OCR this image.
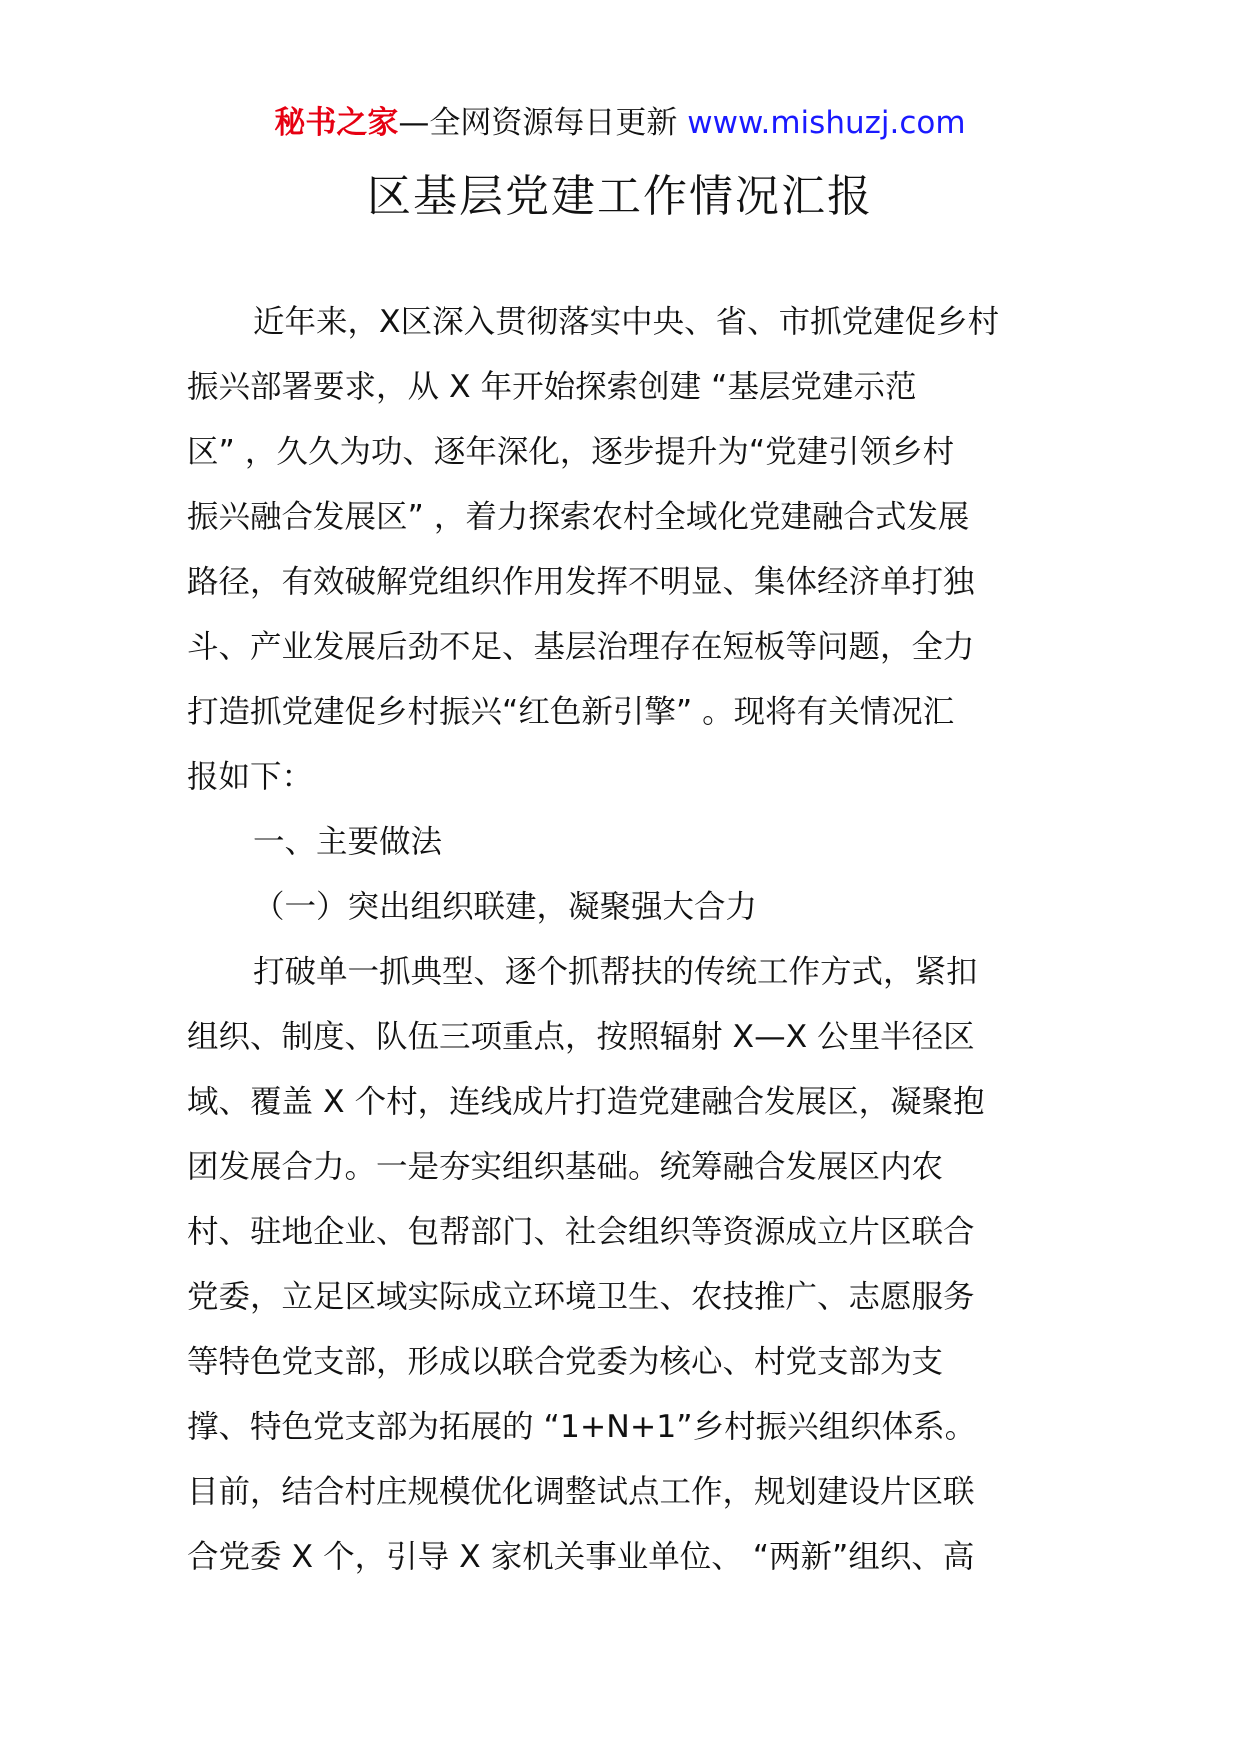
秘书之家—全网资源每日更新 www.mishuzj.com
区基层党建工作情况汇报
近年来，X区深入贯彻落实中央、省、市抓党建促乡村
振兴部署要求，从 X 年开始探索创建 “基层党建示范
区” ，久久为功、逐年深化，逐步提升为“党建引领乡村
振兴融合发展区” ，着力探索农村全域化党建融合式发展
路径，有效破解党组织作用发挥不明显、集体经济单打独
斗、产业发展后劲不足、基层治理存在短板等问题，全力
打造抓党建促乡村振兴“红色新引擎” 。现将有关情况汇
报如下：
一、主要做法
（一）突出组织联建，凝聚强大合力
打破单一抓典型、逐个抓帮扶的传统工作方式，紧扣
组织、制度、队伍三项重点，按照辐射 X—X 公里半径区
域、覆盖 X 个村，连线成片打造党建融合发展区，凝聚抱
团发展合力。一是夯实组织基础。统筹融合发展区内农
村、驻地企业、包帮部门、社会组织等资源成立片区联合
党委，立足区域实际成立环境卫生、农技推广、志愿服务
等特色党支部，形成以联合党委为核心、村党支部为支
撑、特色党支部为拓展的 “1+N+1”乡村振兴组织体系。
目前，结合村庄规模优化调整试点工作，规划建设片区联
合党委 X 个，引导 X 家机关事业单位、 “两新”组织、高
